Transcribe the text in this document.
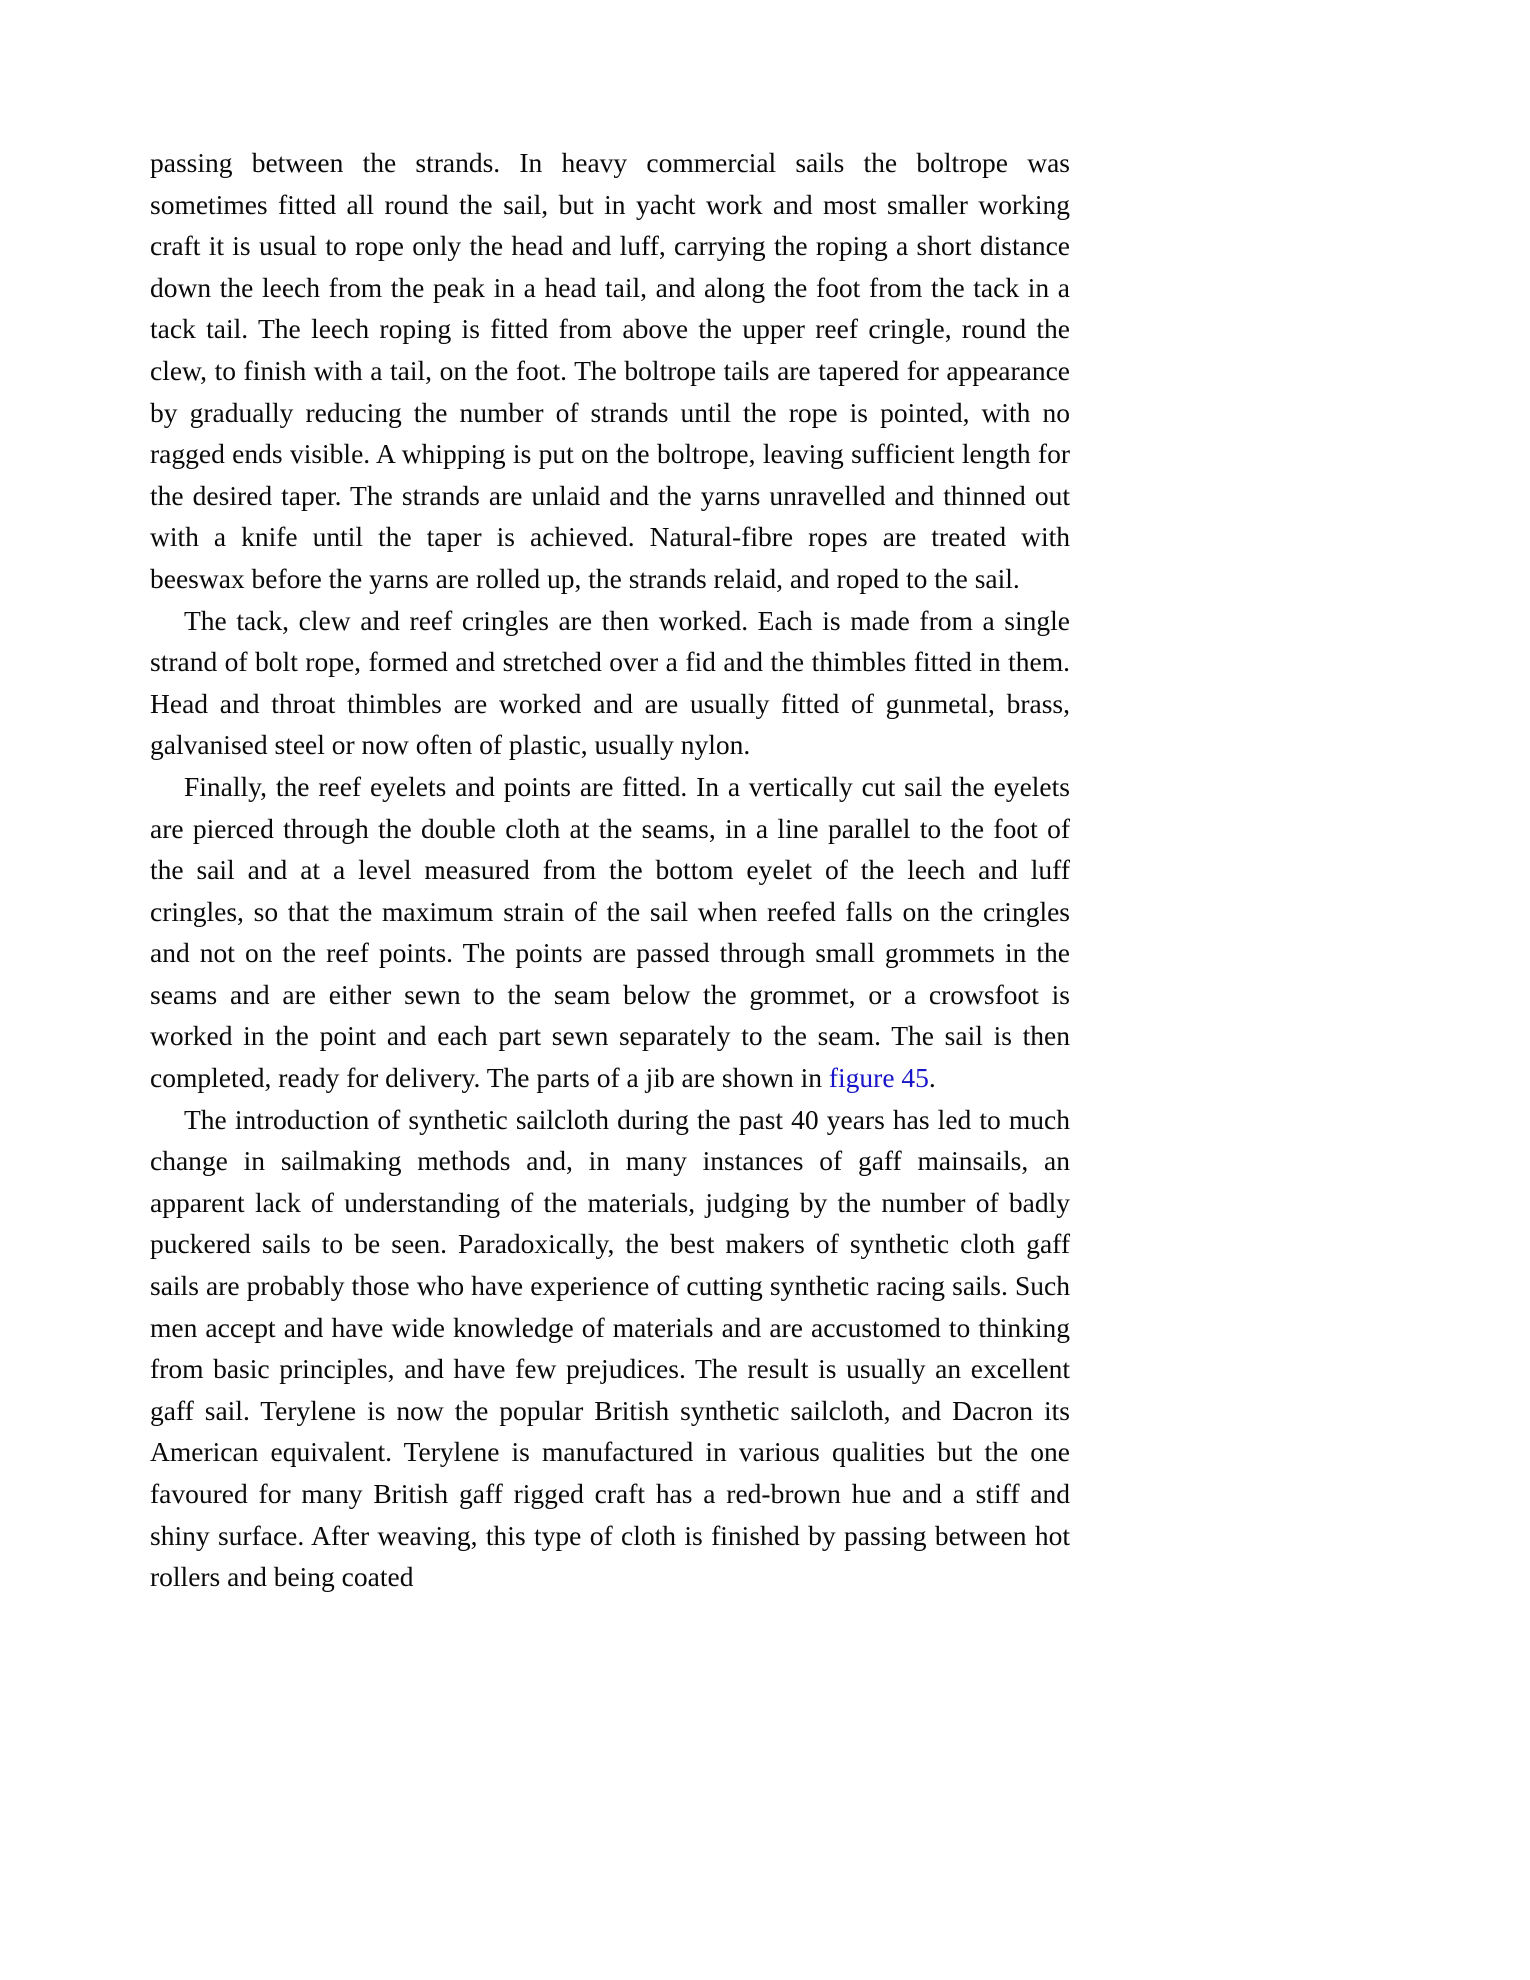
passing between the strands. In heavy commercial sails the boltrope was sometimes fitted all round the sail, but in yacht work and most smaller working craft it is usual to rope only the head and luff, carrying the roping a short distance down the leech from the peak in a head tail, and along the foot from the tack in a tack tail. The leech roping is fitted from above the upper reef cringle, round the clew, to finish with a tail, on the foot. The boltrope tails are tapered for appearance by gradually reducing the number of strands until the rope is pointed, with no ragged ends visible. A whipping is put on the boltrope, leaving sufficient length for the desired taper. The strands are unlaid and the yarns unravelled and thinned out with a knife until the taper is achieved. Natural-fibre ropes are treated with beeswax before the yarns are rolled up, the strands relaid, and roped to the sail.

The tack, clew and reef cringles are then worked. Each is made from a single strand of bolt rope, formed and stretched over a fid and the thimbles fitted in them. Head and throat thimbles are worked and are usually fitted of gunmetal, brass, galvanised steel or now often of plastic, usually nylon.

Finally, the reef eyelets and points are fitted. In a vertically cut sail the eyelets are pierced through the double cloth at the seams, in a line parallel to the foot of the sail and at a level measured from the bottom eyelet of the leech and luff cringles, so that the maximum strain of the sail when reefed falls on the cringles and not on the reef points. The points are passed through small grommets in the seams and are either sewn to the seam below the grommet, or a crowsfoot is worked in the point and each part sewn separately to the seam. The sail is then completed, ready for delivery. The parts of a jib are shown in figure 45.

The introduction of synthetic sailcloth during the past 40 years has led to much change in sailmaking methods and, in many instances of gaff mainsails, an apparent lack of understanding of the materials, judging by the number of badly puckered sails to be seen. Paradoxically, the best makers of synthetic cloth gaff sails are probably those who have experience of cutting synthetic racing sails. Such men accept and have wide knowledge of materials and are accustomed to thinking from basic principles, and have few prejudices. The result is usually an excellent gaff sail. Terylene is now the popular British synthetic sailcloth, and Dacron its American equivalent. Terylene is manufactured in various qualities but the one favoured for many British gaff rigged craft has a red-brown hue and a stiff and shiny surface. After weaving, this type of cloth is finished by passing between hot rollers and being coated
